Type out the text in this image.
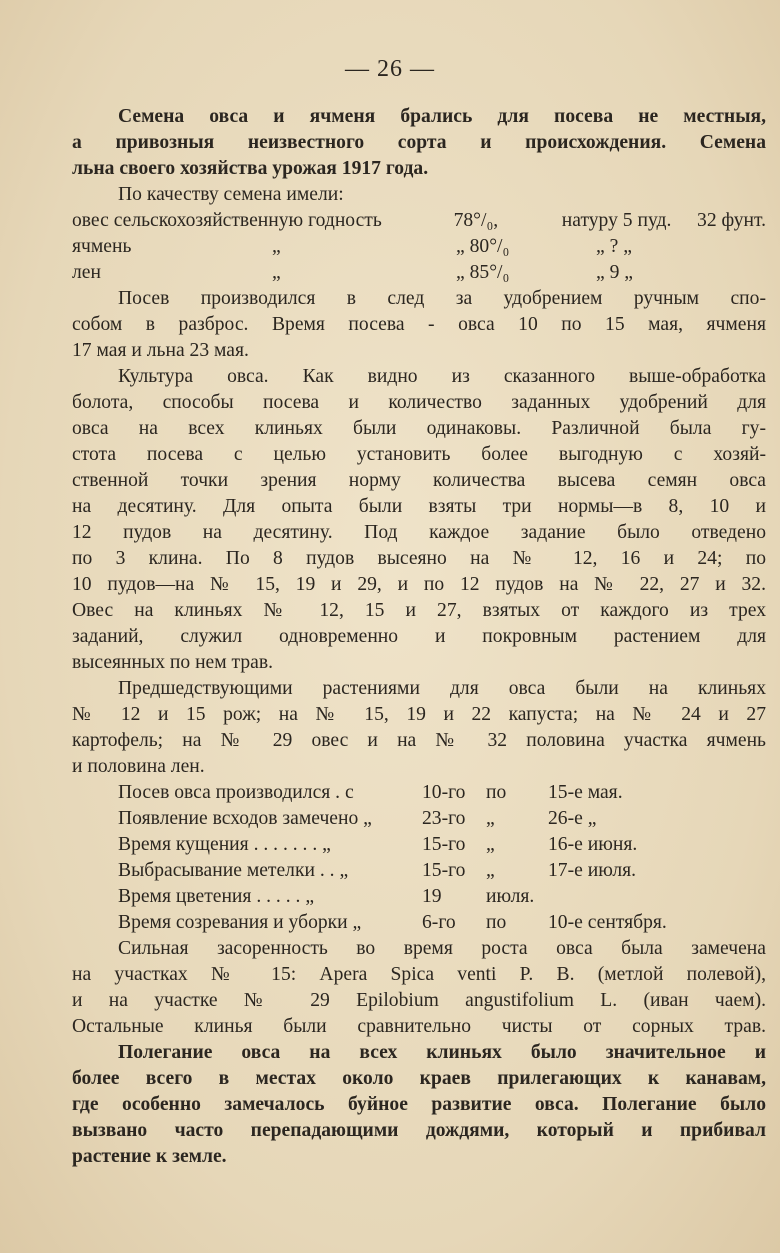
— 26 —
Семена овса и ячменя брались для посева не местныя,
а привозныя неизвестного сорта и происхождения. Семена
льна своего хозяйства урожая 1917 года.
По качеству семена имели:
овес сельскохозяйственную годность	78°/₀,	натуру 5 пуд.	32 фунт.
ячмень	„	„ 80°/₀	„ ? „
лен	„	„ 85°/₀	„ 9 „
Посев производился в след за удобрением ручным спо-
собом в разброс. Время посева - овса 10 по 15 мая, ячменя
17 мая и льна 23 мая.
Культура овса. Как видно из сказанного выше-обработка
болота, способы посева и количество заданных удобрений для
овса на всех клиньях были одинаковы. Различной была гу-
стота посева с целью установить более выгодную с хозяй-
ственной точки зрения норму количества высева семян овса
на десятину. Для опыта были взяты три нормы—в 8, 10 и
12 пудов на десятину. Под каждое задание было отведено
по 3 клина. По 8 пудов высеяно на № 12, 16 и 24; по
10 пудов—на № 15, 19 и 29, и по 12 пудов на № 22, 27 и 32.
Овес на клиньях № 12, 15 и 27, взятых от каждого из трех
заданий, служил одновременно и покровным растением для
высеянных по нем трав.
Предшедствующими растениями для овса были на клиньях
№ 12 и 15 рож; на № 15, 19 и 22 капуста; на № 24 и 27
картофель; на № 29 овес и на № 32 половина участка ячмень
и половина лен.
Посев овса производился . с	10-го	по	15-е мая.
Появление всходов замечено „	23-го	„	26-е „
Время кущения . . . . . . . „	15-го	„	16-е июня.
Выбрасывание метелки . . „	15-го	„	17-е июля.
Время цветения . . . . . „	19	июля.
Время созревания и уборки „	6-го	по	10-е сентября.
Сильная засоренность во время роста овса была замечена
на участках № 15: Apera Spica venti P. B. (метлой полевой),
и на участке № 29 Epilobium angustifolium L. (иван чаем).
Остальные клинья были сравнительно чисты от сорных трав.
Полегание овса на всех клиньях было значительное и
более всего в местах около краев прилегающих к канавам,
где особенно замечалось буйное развитие овса. Полегание было
вызвано часто перепадающими дождями, который и прибивал
растение к земле.
